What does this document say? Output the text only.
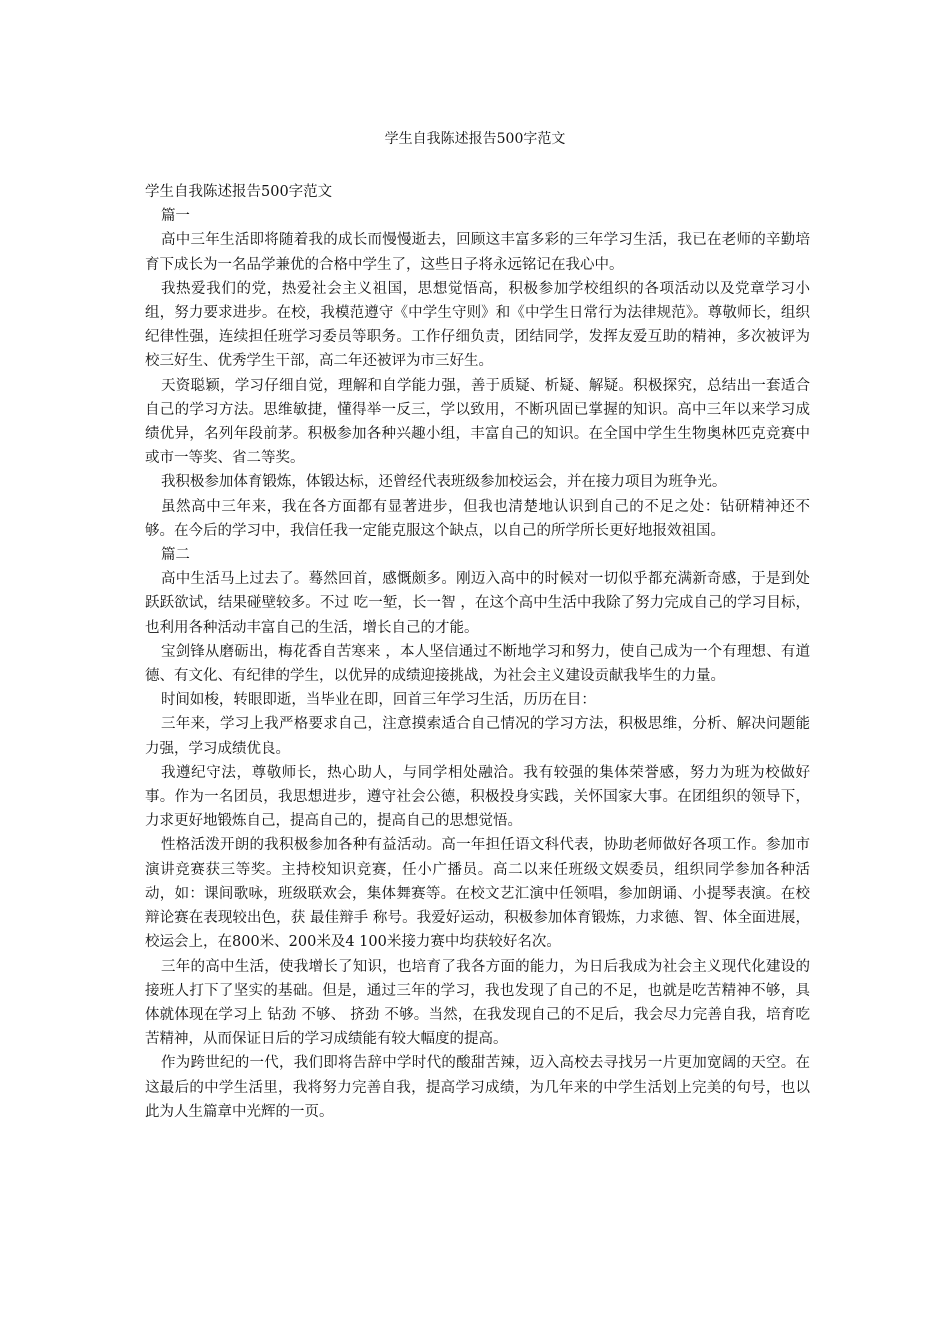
学生自我陈述报告500字范文

学生自我陈述报告500字范文

篇一

高中三年生活即将随着我的成长而慢慢逝去，回顾这丰富多彩的三年学习生活，我已在老师的辛勤培育下成长为一名品学兼优的合格中学生了，这些日子将永远铭记在我心中。

我热爱我们的党，热爱社会主义祖国，思想觉悟高，积极参加学校组织的各项活动以及党章学习小组，努力要求进步。在校，我模范遵守《中学生守则》和《中学生日常行为法律规范》。尊敬师长，组织纪律性强，连续担任班学习委员等职务。工作仔细负责，团结同学，发挥友爱互助的精神，多次被评为校三好生、优秀学生干部，高二年还被评为市三好生。

天资聪颖，学习仔细自觉，理解和自学能力强，善于质疑、析疑、解疑。积极探究，总结出一套适合自己的学习方法。思维敏捷，懂得举一反三，学以致用，不断巩固已掌握的知识。高中三年以来学习成绩优异，名列年段前茅。积极参加各种兴趣小组，丰富自己的知识。在全国中学生生物奥林匹克竞赛中或市一等奖、省二等奖。

我积极参加体育锻炼，体锻达标，还曾经代表班级参加校运会，并在接力项目为班争光。

虽然高中三年来，我在各方面都有显著进步，但我也清楚地认识到自己的不足之处：钻研精神还不够。在今后的学习中，我信任我一定能克服这个缺点，以自己的所学所长更好地报效祖国。

篇二

高中生活马上过去了。蓦然回首，感慨颇多。刚迈入高中的时候对一切似乎都充满新奇感，于是到处跃跃欲试，结果碰壁较多。不过 吃一堑，长一智 ，在这个高中生活中我除了努力完成自己的学习目标，也利用各种活动丰富自己的生活，增长自己的才能。

宝剑锋从磨砺出，梅花香自苦寒来 ，本人坚信通过不断地学习和努力，使自己成为一个有理想、有道德、有文化、有纪律的学生，以优异的成绩迎接挑战，为社会主义建设贡献我毕生的力量。

时间如梭，转眼即逝，当毕业在即，回首三年学习生活，历历在目：

三年来，学习上我严格要求自己，注意摸索适合自己情况的学习方法，积极思维，分析、解决问题能力强，学习成绩优良。

我遵纪守法，尊敬师长，热心助人，与同学相处融洽。我有较强的集体荣誉感，努力为班为校做好事。作为一名团员，我思想进步，遵守社会公德，积极投身实践，关怀国家大事。在团组织的领导下，力求更好地锻炼自己，提高自己的，提高自己的思想觉悟。

性格活泼开朗的我积极参加各种有益活动。高一年担任语文科代表，协助老师做好各项工作。参加市演讲竞赛获三等奖。主持校知识竞赛，任小广播员。高二以来任班级文娱委员，组织同学参加各种活动，如：课间歌咏，班级联欢会，集体舞赛等。在校文艺汇演中任领唱，参加朗诵、小提琴表演。在校辩论赛在表现较出色，获 最佳辩手 称号。我爱好运动，积极参加体育锻炼，力求德、智、体全面进展，校运会上，在800米、200米及4 100米接力赛中均获较好名次。

三年的高中生活，使我增长了知识，也培育了我各方面的能力，为日后我成为社会主义现代化建设的接班人打下了坚实的基础。但是，通过三年的学习，我也发现了自己的不足，也就是吃苦精神不够，具体就体现在学习上 钻劲 不够、 挤劲 不够。当然，在我发现自己的不足后，我会尽力完善自我，培育吃苦精神，从而保证日后的学习成绩能有较大幅度的提高。

作为跨世纪的一代，我们即将告辞中学时代的酸甜苦辣，迈入高校去寻找另一片更加宽阔的天空。在这最后的中学生活里，我将努力完善自我，提高学习成绩，为几年来的中学生活划上完美的句号，也以此为人生篇章中光辉的一页。
